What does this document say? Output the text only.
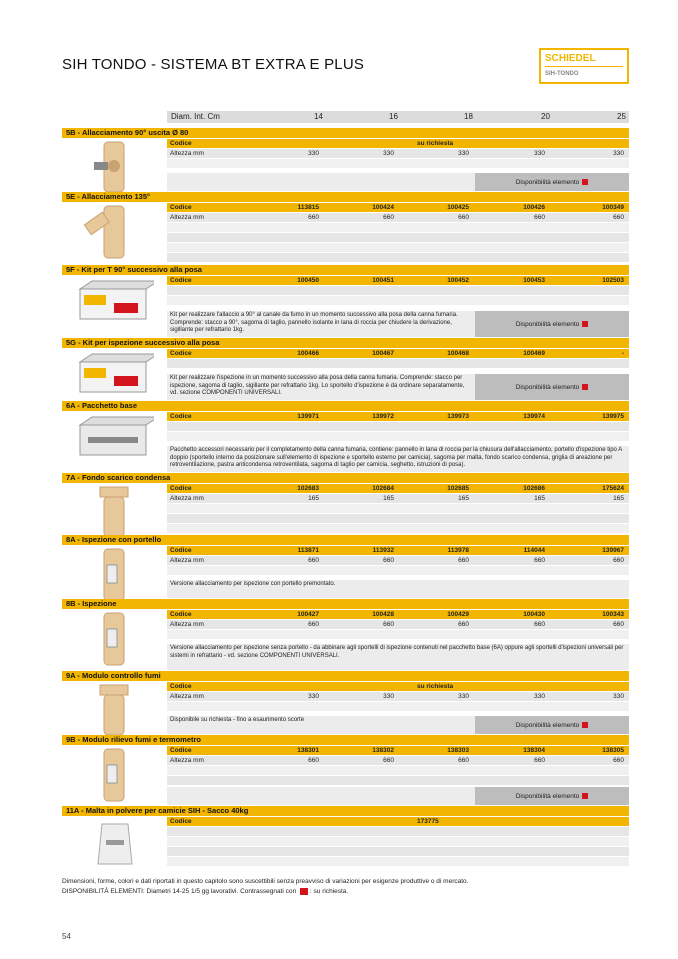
SIH TONDO - SISTEMA BT EXTRA E PLUS	SCHIEDEL
SIH-TONDO
Diam. Int. Cm	14	16	18	20	25
5B - Allacciamento 90° uscita Ø 80
Codice	su richiesta
Altezza mm	330	330	330	330	330
Disponibilità elemento
5E - Allacciamento 135°
Codice	113815	100424	100425	100426	100349
Altezza mm	660	660	660	660	660
5F - Kit per T 90° successivo alla posa
Codice	100450	100451	100452	100453	102503
Kit per realizzare l'allaccio a 90° al canale da fumo in un momento successivo alla posa della canna fumaria. Comprende: stacco a 90°, sagoma di taglio, pannello isolante in lana di roccia per chiudere la derivazione, sigillante per refrattario 1kg.
Disponibilità elemento
5G - Kit per ispezione successivo alla posa
Codice	100466	100467	100468	100469	-
Kit per realizzare l'ispezione in un momento successivo alla posa della canna fumaria. Comprende: stacco per ispezione, sagoma di taglio, sigillante per refrattario 1kg. Lo sportello d'ispezione è da ordinare separatamente, vd. sezione COMPONENTI UNIVERSALI.
Disponibilità elemento
6A - Pacchetto base
Codice	139971	139972	139973	139974	139975
Pacchetto accessori necessario per il completamento della canna fumaria, contiene: pannello in lana di roccia per la chiusura dell'allacciamento, portello d'ispezione tipo A doppio (sportello interno da posizionare sull'elemento di ispezione e sportello esterno per camicia), sagoma per malta, fondo scarico condensa, griglia di areazione per retroventilazione, pastra anticondensa retroventilata, sagoma di taglio per camicia, seghetto, istruzioni di posa).
7A - Fondo scarico condensa
Codice	102683	102684	102685	102686	175624
Altezza mm	165	165	165	165	165
8A - Ispezione con portello
Codice	113871	113932	113978	114044	139967
Altezza mm	660	660	660	660	660
Versione allacciamento per ispezione con portello premontato.
8B - Ispezione
Codice	100427	100428	100429	100430	100343
Altezza mm	660	660	660	660	660
Versione allacciamento per ispezione senza portello - da abbinare agli sportelli di ispezione contenuti nel pacchetto base (6A) oppure agli sportelli d'ispezioni universali per sistemi in refrattario - vd. sezione COMPONENTI UNIVERSALI.
9A - Modulo controllo fumi
Codice	su richiesta
Altezza mm	330	330	330	330	330
Disponibile su richiesta - fino a esaurimento scorte
Disponibilità elemento
9B - Modulo rilievo fumi e termometro
Codice	138301	138302	138303	138304	138305
Altezza mm	660	660	660	660	660
Disponibilità elemento
11A - Malta in polvere per camicie SIH - Sacco 40kg
Codice	173775
Dimensioni, forme, colori e dati riportati in questo capitolo sono suscettibili senza preavviso di variazioni per esigenze produttive o di mercato.
DISPONIBILITÀ ELEMENTI: Diametri 14-25 1/5 gg lavorativi. Contrassegnati con : su richiesta.
54
